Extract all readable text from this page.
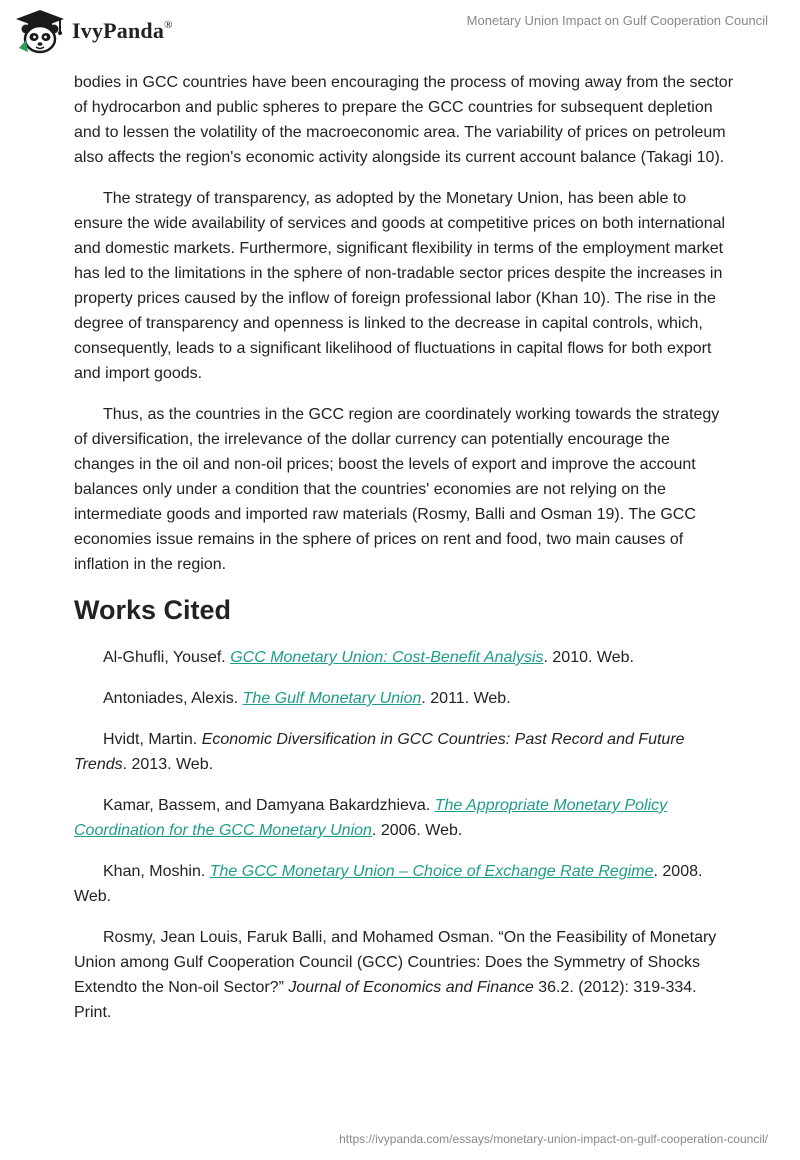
IvyPanda®	Monetary Union Impact on Gulf Cooperation Council

bodies in GCC countries have been encouraging the process of moving away from the sector of hydrocarbon and public spheres to prepare the GCC countries for subsequent depletion and to lessen the volatility of the macroeconomic area. The variability of prices on petroleum also affects the region's economic activity alongside its current account balance (Takagi 10).

The strategy of transparency, as adopted by the Monetary Union, has been able to ensure the wide availability of services and goods at competitive prices on both international and domestic markets. Furthermore, significant flexibility in terms of the employment market has led to the limitations in the sphere of non-tradable sector prices despite the increases in property prices caused by the inflow of foreign professional labor (Khan 10). The rise in the degree of transparency and openness is linked to the decrease in capital controls, which, consequently, leads to a significant likelihood of fluctuations in capital flows for both export and import goods.

Thus, as the countries in the GCC region are coordinately working towards the strategy of diversification, the irrelevance of the dollar currency can potentially encourage the changes in the oil and non-oil prices; boost the levels of export and improve the account balances only under a condition that the countries' economies are not relying on the intermediate goods and imported raw materials (Rosmy, Balli and Osman 19). The GCC economies issue remains in the sphere of prices on rent and food, two main causes of inflation in the region.

Works Cited

Al-Ghufli, Yousef. GCC Monetary Union: Cost-Benefit Analysis. 2010. Web.

Antoniades, Alexis. The Gulf Monetary Union. 2011. Web.

Hvidt, Martin. Economic Diversification in GCC Countries: Past Record and Future Trends. 2013. Web.

Kamar, Bassem, and Damyana Bakardzhieva. The Appropriate Monetary Policy Coordination for the GCC Monetary Union. 2006. Web.

Khan, Moshin. The GCC Monetary Union – Choice of Exchange Rate Regime. 2008. Web.

Rosmy, Jean Louis, Faruk Balli, and Mohamed Osman. “On the Feasibility of Monetary Union among Gulf Cooperation Council (GCC) Countries: Does the Symmetry of Shocks Extendto the Non-oil Sector?” Journal of Economics and Finance 36.2. (2012): 319-334. Print.

https://ivypanda.com/essays/monetary-union-impact-on-gulf-cooperation-council/
